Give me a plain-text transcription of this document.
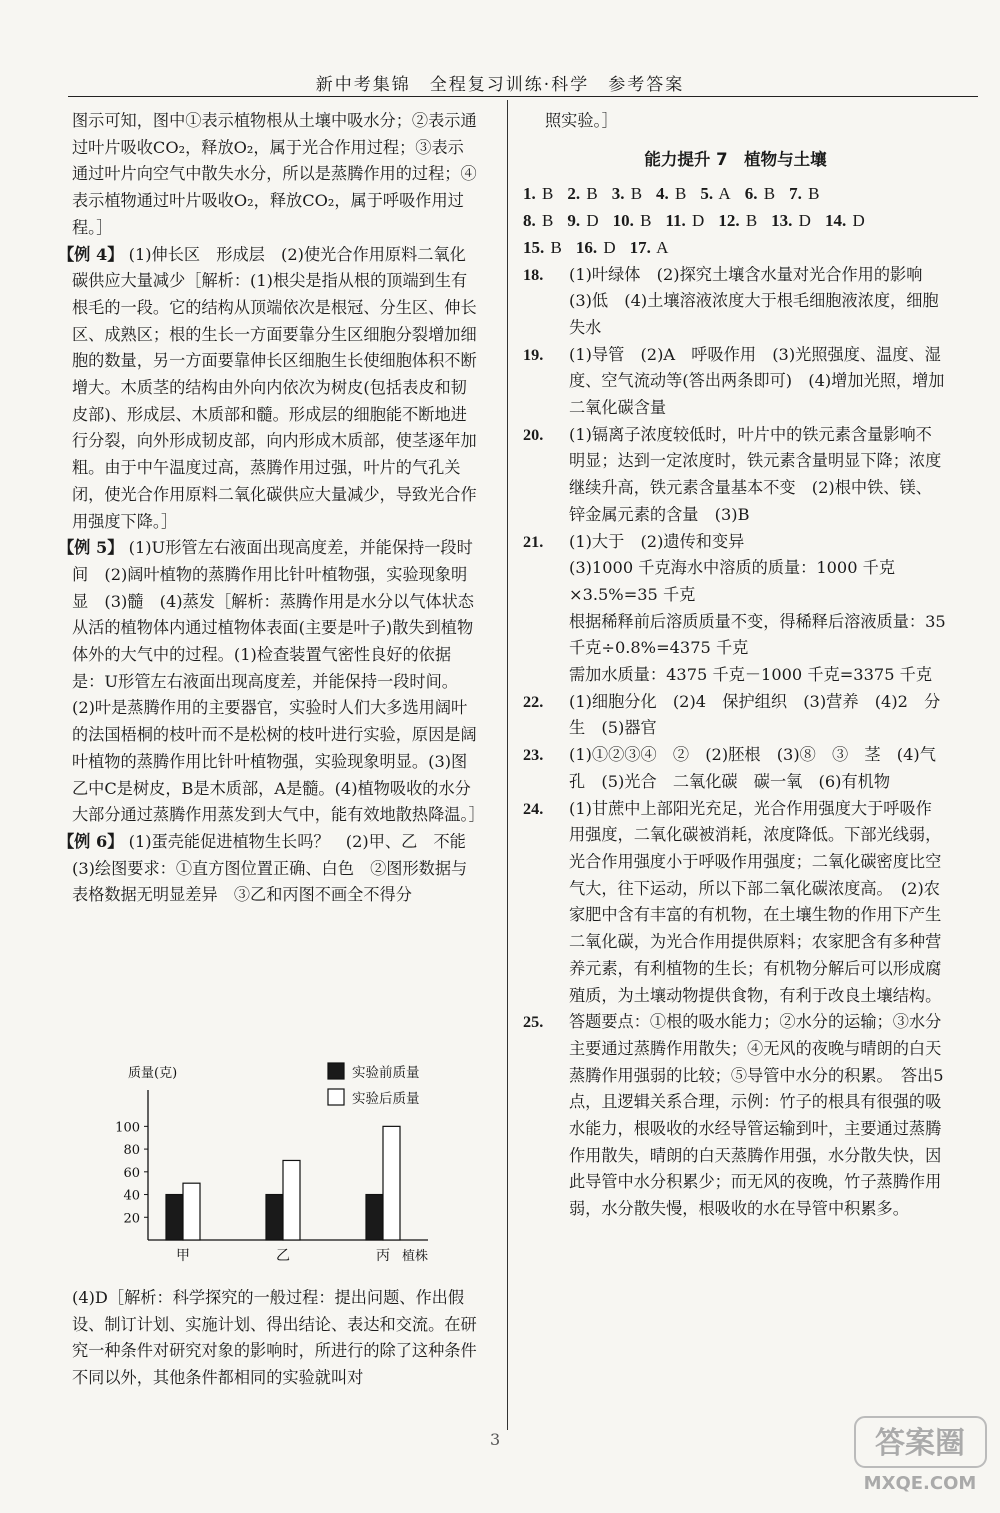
新中考集锦　全程复习训练·科学　参考答案
图示可知，图中①表示植物根从土壤中吸水分；②表示通过叶片吸收CO₂，释放O₂，属于光合作用过程；③表示通过叶片向空气中散失水分，所以是蒸腾作用的过程；④表示植物通过叶片吸收O₂，释放CO₂，属于呼吸作用过程。］
【例 4】 (1)伸长区　形成层　(2)使光合作用原料二氧化碳供应大量减少［解析：(1)根尖是指从根的顶端到生有根毛的一段。它的结构从顶端依次是根冠、分生区、伸长区、成熟区；根的生长一方面要靠分生区细胞分裂增加细胞的数量，另一方面要靠伸长区细胞生长使细胞体积不断增大。木质茎的结构由外向内依次为树皮(包括表皮和韧皮部)、形成层、木质部和髓。形成层的细胞能不断地进行分裂，向外形成韧皮部，向内形成木质部，使茎逐年加粗。由于中午温度过高，蒸腾作用过强，叶片的气孔关闭，使光合作用原料二氧化碳供应大量减少，导致光合作用强度下降。］
【例 5】 (1)U形管左右液面出现高度差，并能保持一段时间　(2)阔叶植物的蒸腾作用比针叶植物强，实验现象明显　(3)髓　(4)蒸发［解析：蒸腾作用是水分以气体状态从活的植物体内通过植物体表面(主要是叶子)散失到植物体外的大气中的过程。(1)检查装置气密性良好的依据是：U形管左右液面出现高度差，并能保持一段时间。(2)叶是蒸腾作用的主要器官，实验时人们大多选用阔叶的法国梧桐的枝叶而不是松树的枝叶进行实验，原因是阔叶植物的蒸腾作用比针叶植物强，实验现象明显。(3)图乙中C是树皮，B是木质部，A是髓。(4)植物吸收的水分大部分通过蒸腾作用蒸发到大气中，能有效地散热降温。］
【例 6】 (1)蛋壳能促进植物生长吗？　(2)甲、乙　不能　(3)绘图要求：①直方图位置正确、白色　②图形数据与表格数据无明显差异　③乙和丙图不画全不得分
质量(克)
20
40
60
80
100
植株
甲	乙	丙
实验前质量
实验后质量
(4)D［解析：科学探究的一般过程：提出问题、作出假设、制订计划、实施计划、得出结论、表达和交流。在研究一种条件对研究对象的影响时，所进行的除了这种条件不同以外，其他条件都相同的实验就叫对
照实验。］
能力提升 7　植物与土壤
1. B 2. B 3. B 4. B 5. A 6. B 7. B
8. B 9. D 10. B 11. D 12. B 13. D 14. D
15. B 16. D 17. A
18. (1)叶绿体　(2)探究土壤含水量对光合作用的影响　(3)低　(4)土壤溶液浓度大于根毛细胞液浓度，细胞失水
19. (1)导管　(2)A　呼吸作用　(3)光照强度、温度、湿度、空气流动等(答出两条即可)　(4)增加光照，增加二氧化碳含量
20. (1)镉离子浓度较低时，叶片中的铁元素含量影响不明显；达到一定浓度时，铁元素含量明显下降；浓度继续升高，铁元素含量基本不变　(2)根中铁、镁、锌金属元素的含量　(3)B
21. (1)大于　(2)遗传和变异
(3)1000 千克海水中溶质的质量：1000 千克×3.5%=35 千克
根据稀释前后溶质质量不变，得稀释后溶液质量：35 千克÷0.8%=4375 千克
需加水质量：4375 千克－1000 千克=3375 千克
22. (1)细胞分化　(2)4　保护组织　(3)营养　(4)2　分生　(5)器官
23. (1)①②③④　②　(2)胚根　(3)⑧　③　茎　(4)气孔　(5)光合　二氧化碳　碳一氧　(6)有机物
24. (1)甘蔗中上部阳光充足，光合作用强度大于呼吸作用强度，二氧化碳被消耗，浓度降低。下部光线弱，光合作用强度小于呼吸作用强度；二氧化碳密度比空气大，往下运动，所以下部二氧化碳浓度高。　(2)农家肥中含有丰富的有机物，在土壤生物的作用下产生二氧化碳，为光合作用提供原料；农家肥含有多种营养元素，有利植物的生长；有机物分解后可以形成腐殖质，为土壤动物提供食物，有利于改良土壤结构。
25. 答题要点：①根的吸水能力；②水分的运输；③水分主要通过蒸腾作用散失；④无风的夜晚与晴朗的白天蒸腾作用强弱的比较；⑤导管中水分的积累。　答出5点，且逻辑关系合理，示例：竹子的根具有很强的吸水能力，根吸收的水经导管运输到叶，主要通过蒸腾作用散失，晴朗的白天蒸腾作用强，水分散失快，因此导管中水分积累少；而无风的夜晚，竹子蒸腾作用弱，水分散失慢，根吸收的水在导管中积累多。
3	答案圈
MXQE.COM
